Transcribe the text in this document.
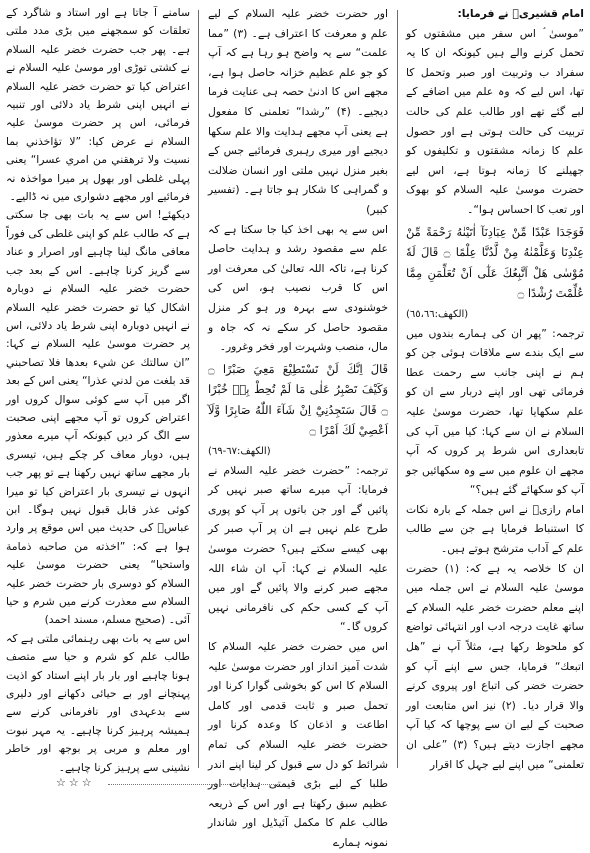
امام قشیریؒ نے فرمایا:

”موسیٰ ؑ اس سفر میں مشقتوں کو تحمل کرنے والے ہیں کیونکہ ان کا یہ سفراد ب وتربیت اور صبر وتحمل کا تھا، اس لیے کہ وہ علم میں اضافے کے لیے گئے تھے اور طالب علم کی حالت تربیت کی حالت ہوتی ہے اور حصول علم کا زمانہ مشقتوں و تکلیفوں کو جھیلنے کا زمانہ ہوتا ہے، اس لیے حضرت موسیٰ علیہ السلام کو بھوک اور تعب کا احساس ہوا“۔

فَوَجَدَا عَبْدًا مِّنْ عِبَادِنَآ اٰتَيْنٰهُ رَحْمَةً مِّنْ عِنْدِنَا وَعَلَّمْنٰهُ مِنْ لَّدُنَّا عِلْمًا ۝ قَالَ لَهٗ مُوْسٰى هَلْ اَتَّبِعُكَ عَلٰٓى اَنْ تُعَلِّمَنِ مِمَّا عُلِّمْتَ رُشْدًا ۝

(الکھف:٦٥،٦٦)

ترجمہ: ”پھر ان کی ہمارے بندوں میں سے ایک بندے سے ملاقات ہوئی جن کو ہم نے اپنی جانب سے رحمت عطا فرمائی تھی اور اپنے دربار سے ان کو علم سکھایا تھا، حضرت موسیٰ علیہ السلام نے ان سے کہا: کیا میں آپ کی تابعداری اس شرط پر کروں کہ آپ مجھے ان علوم میں سے وہ سکھائیں جو آپ کو سکھائے گئے ہیں؟“

امام رازیؒ نے اس جملہ کے بارہ نکات کا استنباط فرمایا ہے جن سے طالب علم کے آداب مترشح ہوتے ہیں۔

ان کا خلاصہ یہ ہے کہ: (۱) حضرت موسیٰ علیہ السلام نے اس جملہ میں اپنے معلم حضرت خضر علیہ السلام کے ساتھ غایت درجہ ادب اور انتہائی تواضع کو ملحوظ رکھا ہے، مثلاً آپ نے ”هل اتبعك“ فرمایا، جس سے اپنے آپ کو حضرت خضر کی اتباع اور پیروی کرنے والا قرار دیا۔ (۲) نیز اس متابعت اور صحبت کے لیے ان سے پوچھا کہ کیا آپ مجھے اجازت دیتے ہیں؟ (۳) ”علی ان تعلمنی“ میں اپنے لیے جہل کا اقرار

اور حضرت خضر علیہ السلام کے لیے علم و معرفت کا اعتراف ہے۔ (۳) ”مما علمت“ سے یہ واضح ہو رہا ہے کہ آپ کو جو علم عظیم خزانہ حاصل ہوا ہے، مجھے اس کا ادنیٰ حصہ ہی عنایت فرما دیجیے۔ (۴) ”رشدا“ تعلمنی کا مفعول ہے یعنی آپ مجھے ہدایت والا علم سکھا دیجیے اور میری رہبری فرمائیے جس کے بغیر منزل نہیں ملتی اور انسان ضلالت و گمراہی کا شکار ہو جاتا ہے۔ (تفسیر کبیر)

اس سے یہ بھی اخذ کیا جا سکتا ہے کہ علم سے مقصود رشد و ہدایت حاصل کرنا ہے، تاکہ اللہ تعالیٰ کی معرفت اور اس کا قرب نصیب ہو، اس کی خوشنودی سے بہرہ ور ہو کر منزل مقصود حاصل کر سکے نہ کہ جاہ و مال، منصب وشہرت اور فخر وغرور۔

قَالَ اِنَّكَ لَنْ تَسْتَطِيْعَ مَعِيَ صَبْرًا ۝ وَكَيْفَ تَصْبِرُ عَلٰى مَا لَمْ تُحِطْ بِهٖ خُبْرًا ۝ قَالَ سَتَجِدُنِيْٓ اِنْ شَآءَ اللّٰهُ صَابِرًا وَّلَآ اَعْصِيْ لَكَ اَمْرًا ۝

(الکھف:٦٧-٦٩)

ترجمہ: ”حضرت خضر علیہ السلام نے فرمایا: آپ میرے ساتھ صبر نہیں کر پائیں گے اور جن باتوں پر آپ کو پوری طرح علم نہیں ہے ان پر آپ صبر کر بھی کیسے سکتے ہیں؟ حضرت موسیٰ علیہ السلام نے کہا: آپ ان شاء اللہ مجھے صبر کرنے والا پائیں گے اور میں آپ کے کسی حکم کی نافرمانی نہیں کروں گا۔“

اس میں حضرت خضر علیہ السلام کا شدت آمیز انداز اور حضرت موسیٰ علیہ السلام کا اس کو بخوشی گوارا کرنا اور تحمل صبر و ثابت قدمی اور کامل اطاعت و اذعان کا وعدہ کرنا اور حضرت خضر علیہ السلام کی تمام شرائط کو دل سے قبول کر لینا اپنے اندر طلبا کے لیے بڑی قیمتی ہدایات اور عظیم سبق رکھتا ہے اور اس کے ذریعہ طالب علم کا مکمل آئیڈیل اور شاندار نمونہ ہمارے

سامنے آ جاتا ہے اور استاد و شاگرد کے تعلقات کو سمجھنے میں بڑی مدد ملتی ہے۔ پھر جب حضرت خضر علیہ السلام نے کشتی توڑی اور موسیٰ علیہ السلام نے اعتراض کیا تو حضرت خضر علیہ السلام نے انہیں اپنی شرط یاد دلائی اور تنبیہ فرمائی، اس پر حضرت موسیٰ علیہ السلام نے عرض کیا: ”لا تؤاخذني بما نسيت ولا ترهقني من امري عسرا“ یعنی پہلی غلطی اور بھول پر میرا مواخذہ نہ فرمائیے اور مجھے دشواری میں نہ ڈالیے۔

دیکھئے! اس سے یہ بات بھی جا سکتی ہے کہ طالب علم کو اپنی غلطی کی فوراً معافی مانگ لینا چاہیے اور اصرار و عناد سے گریز کرنا چاہیے۔ اس کے بعد جب حضرت خضر علیہ السلام نے دوبارہ اشکال کیا تو حضرت خضر علیہ السلام نے انہیں دوبارہ اپنی شرط یاد دلائی، اس پر حضرت موسیٰ علیہ السلام نے کہا: ”ان سالتك عن شيء بعدها فلا تصاحبني قد بلغت من لدني عذرا“ یعنی اس کے بعد اگر میں آپ سے کوئی سوال کروں اور اعتراض کروں تو آپ مجھے اپنی صحبت سے الگ کر دیں کیونکہ آپ میرے معذور ہیں، دوبار معاف کر چکے ہیں، تیسری بار مجھے ساتھ نہیں رکھنا ہے تو پھر جب انہوں نے تیسری بار اعتراض کیا تو میرا کوئی عذر قابل قبول نہیں ہوگا۔ ابن عباسؓ کی حدیث میں اس موقع پر وارد ہوا ہے کہ: ”اخذته من صاحبه ذمامة واستحیا“ یعنی حضرت موسیٰ علیہ السلام کو دوسری بار حضرت خضر علیہ السلام سے معذرت کرنے میں شرم و حیا آئی۔ (صحیح مسلم، مسند احمد)

اس سے یہ بات بھی رہنمائی ملتی ہے کہ طالب علم کو شرم و حیا سے متصف ہونا چاہیے اور بار بار اپنے استاد کو اذیت پہنچانے اور بے حیائی دکھانے اور دلیری سے بدعہدی اور نافرمانی کرنے سے ہمیشہ پرہیز کرنا چاہیے۔ یہ مہر نبوت اور معلم و مربی پر بوجھ اور خاطر نشینی سے پرہیز کرنا چاہیے۔

☆☆☆
